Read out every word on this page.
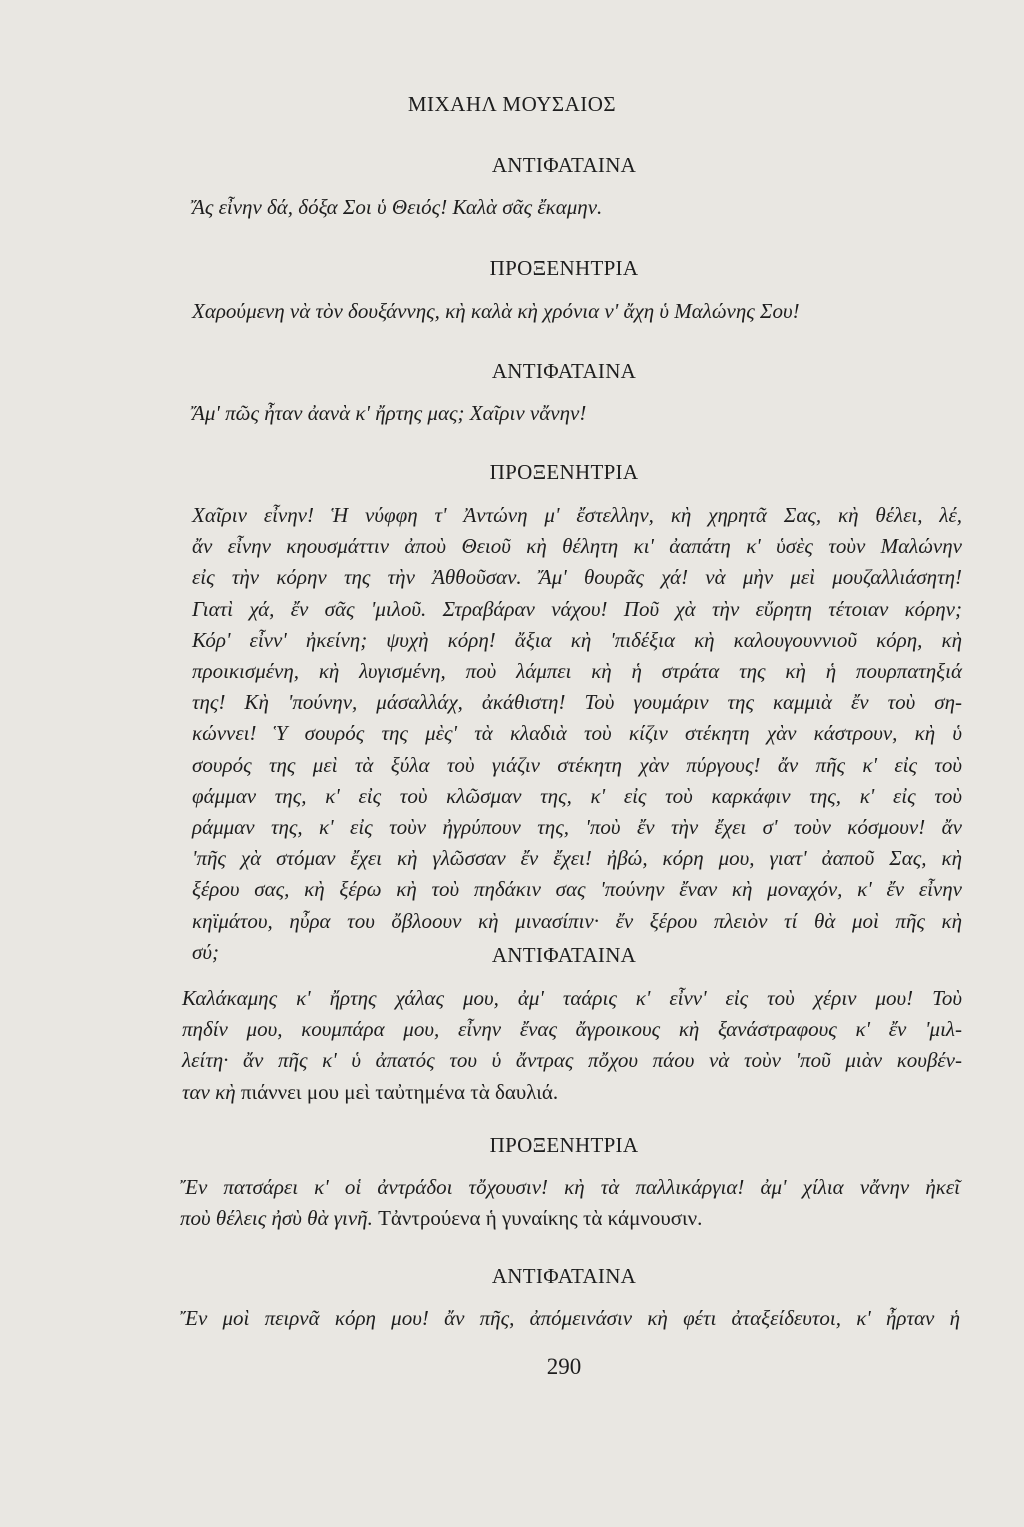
ΜΙΧΑΗΛ ΜΟΥΣΑΙΟΣ
ΑΝΤΙΦΑΤΑΙΝΑ
Ἄς εἶνην δά, δόξα Σοι ὑ Θειός! Καλὰ σᾶς ἔκαμην.
ΠΡΟΞΕΝΗΤΡΙΑ
Χαρούμενη νὰ τὸν δουξάννης, κὴ καλὰ κὴ χρόνια ν' ἄχη ὑ Μαλώνης Σου!
ΑΝΤΙΦΑΤΑΙΝΑ
Ἄμ' πῶς ἦταν ἀανὰ κ' ἤρτης μας; Χαῖριν νἄνην!
ΠΡΟΞΕΝΗΤΡΙΑ
Χαῖριν εἶνην! Ἡ νύφφη τ' Ἀντώνη μ' ἔστελλην, κὴ χηρητᾶ Σας, κὴ θέλει, λέ,
ἄν εἶνην κηουσμάττιν ἀποὺ Θειοῦ κὴ θέλητη κι' ἀαπάτη κ' ὑσὲς τοὺν Μαλώνην
εἰς τὴν κόρην της τὴν Ἀθθοῦσαν. Ἄμ' θουρᾶς χά! νὰ μὴν μεὶ μουζαλλιάσητη!
Γιατὶ χά, ἔν σᾶς 'μιλοῦ. Στραβάραν νάχου! Ποῦ χὰ τὴν εὔρητη τέτοιαν κόρην;
Κόρ' εἶνν' ἠκείνη; ψυχὴ κόρη! ἄξια κὴ 'πιδέξια κὴ καλουγουννιοῦ κόρη, κὴ
προικισμένη, κὴ λυγισμένη, ποὺ λάμπει κὴ ἡ στράτα της κὴ ἡ πουρπατηξιά
της! Κὴ 'πούνην, μάσαλλάχ, ἀκάθιστη! Τοὺ γουμάριν της καμμιὰ ἔν τοὺ ση-
κώννει! Ὑ σουρός της μὲς' τὰ κλαδιὰ τοὺ κίζιν στέκητη χὰν κάστρουν, κὴ ὑ
σουρός της μεὶ τὰ ξύλα τοὺ γιάζιν στέκητη χὰν πύργους! ἄν πῆς κ' εἰς τοὺ
φάμμαν της, κ' εἰς τοὺ κλῶσμαν της, κ' εἰς τοὺ καρκάφιν της, κ' εἰς τοὺ
ράμμαν της, κ' εἰς τοὺν ἠγρύπουν της, 'ποὺ ἔν τὴν ἔχει σ' τοὺν κόσμουν! ἄν
'πῆς χὰ στόμαν ἔχει κὴ γλῶσσαν ἔν ἔχει! ἠβώ, κόρη μου, γιατ' ἀαποῦ Σας, κὴ
ξέρου σας, κὴ ξέρω κὴ τοὺ πηδάκιν σας 'πούνην ἔναν κὴ μοναχόν, κ' ἔν εἶνην
κηϊμάτου, ηὖρα του ὄβλοουν κὴ μινασίπιν· ἔν ξέρου πλειὸν τί θὰ μοὶ πῆς κὴ
σύ;	ΑΝΤΙΦΑΤΑΙΝΑ
Καλάκαμης κ' ἤρτης χάλας μου, ἀμ' ταάρις κ' εἶνν' εἰς τοὺ χέριν μου! Τοὺ
πηδίν μου, κουμπάρα μου, εἶνην ἔνας ἄγροικους κὴ ξανάστραφους κ' ἔν 'μιλ-
λείτη· ἄν πῆς κ' ὑ ἀπατός του ὑ ἄντρας πὄχου πάου νὰ τοὺν 'ποῦ μιὰν κουβέν-
ταν κὴ πιάννει μου μεὶ ταὐτημένα τὰ δαυλιά.
ΠΡΟΞΕΝΗΤΡΙΑ
Ἔν πατσάρει κ' οἱ ἀντράδοι τὄχουσιν! κὴ τὰ παλλικάργια! ἀμ' χίλια νἄνην ἠκεῖ
ποὺ θέλεις ἠσὺ θὰ γινῆ. Τἀντρούενα ἡ γυναίκης τὰ κάμνουσιν.
ΑΝΤΙΦΑΤΑΙΝΑ
Ἔν μοὶ πειρνᾶ κόρη μου! ἄν πῆς, ἀπόμεινάσιν κὴ φέτι ἀταξείδευτοι, κ' ἦρταν ἡ
290
